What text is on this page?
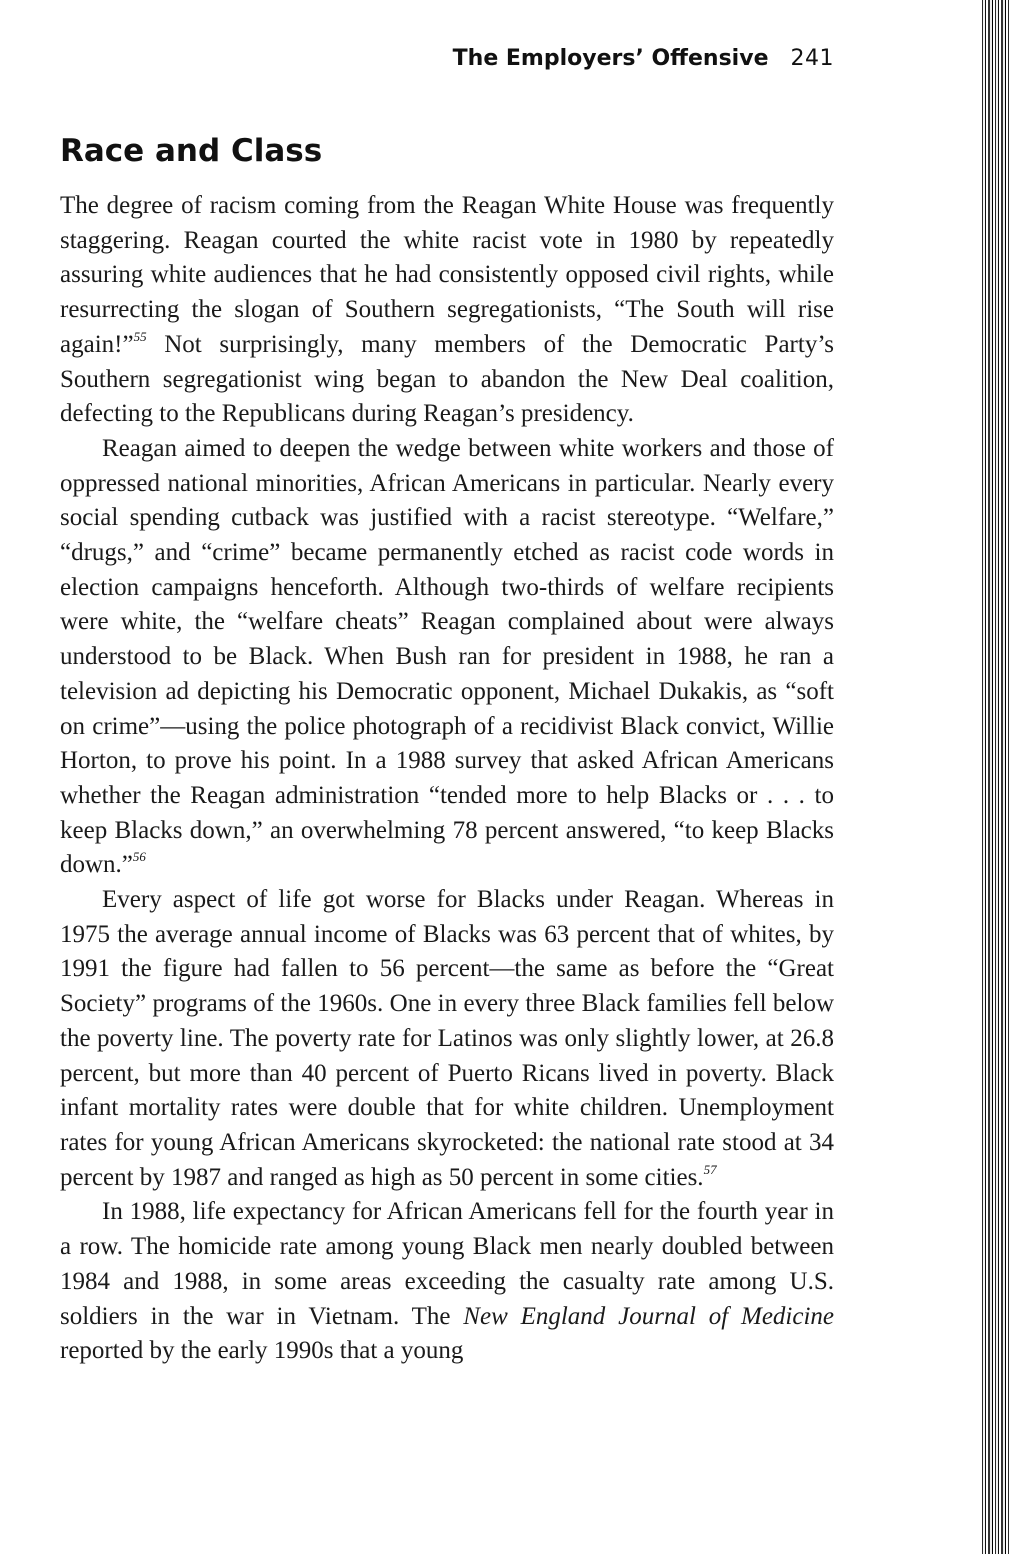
The Employers’ Offensive 241
Race and Class

The degree of racism coming from the Reagan White House was frequently staggering. Reagan courted the white racist vote in 1980 by repeatedly assuring white audiences that he had consistently opposed civil rights, while resurrecting the slogan of Southern segregationists, “The South will rise again!”$^{55}$ Not surprisingly, many members of the Democratic Party’s Southern segregationist wing began to abandon the New Deal coalition, defecting to the Republicans during Reagan’s presidency.

Reagan aimed to deepen the wedge between white workers and those of oppressed national minorities, African Americans in particular. Nearly every social spending cutback was justified with a racist stereotype. “Welfare,” “drugs,” and “crime” became permanently etched as racist code words in election campaigns henceforth. Although two-thirds of welfare recipients were white, the “welfare cheats” Reagan complained about were always understood to be Black. When Bush ran for president in 1988, he ran a television ad depicting his Democratic opponent, Michael Dukakis, as “soft on crime”—using the police photograph of a recidivist Black convict, Willie Horton, to prove his point. In a 1988 survey that asked African Americans whether the Reagan administration “tended more to help Blacks or . . . to keep Blacks down,” an overwhelming 78 percent answered, “to keep Blacks down.”$^{56}$

Every aspect of life got worse for Blacks under Reagan. Whereas in 1975 the average annual income of Blacks was 63 percent that of whites, by 1991 the figure had fallen to 56 percent—the same as before the “Great Society” programs of the 1960s. One in every three Black families fell below the poverty line. The poverty rate for Latinos was only slightly lower, at 26.8 percent, but more than 40 percent of Puerto Ricans lived in poverty. Black infant mortality rates were double that for white children. Unemployment rates for young African Americans skyrocketed: the national rate stood at 34 percent by 1987 and ranged as high as 50 percent in some cities.$^{57}$

In 1988, life expectancy for African Americans fell for the fourth year in a row. The homicide rate among young Black men nearly doubled between 1984 and 1988, in some areas exceeding the casualty rate among U.S. soldiers in the war in Vietnam. The New England Journal of Medicine reported by the early 1990s that a young
